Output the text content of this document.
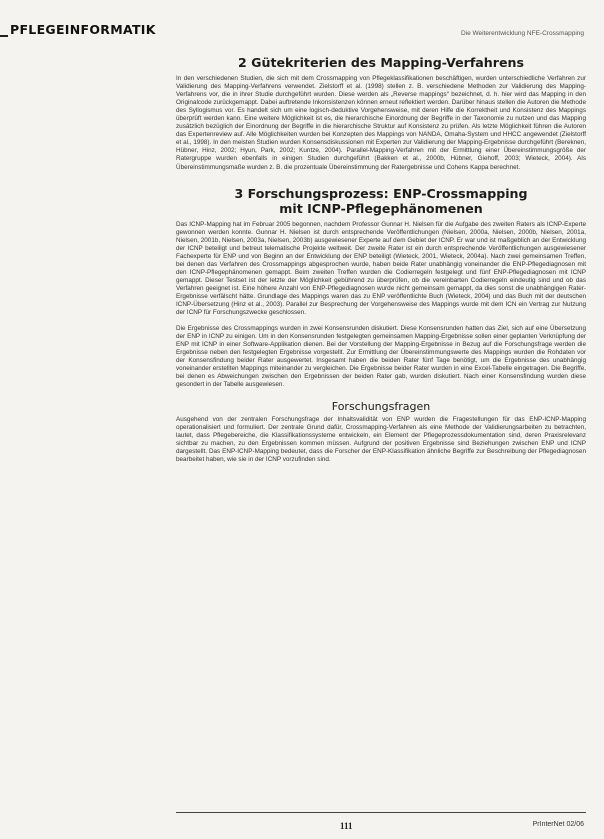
PFLEGEINFORMATIK	Die Weiterentwicklung NFE-Crossmapping
2 Gütekriterien des Mapping-Verfahrens

In den verschiedenen Studien, die sich mit dem Crossmapping von Pflegeklassifikationen beschäftigen, wurden unterschiedliche Verfahren zur Validierung des Mapping-Verfahrens verwendet. Zielstorff et al. (1998) stellen z. B. verschiedene Methoden zur Validierung des Mapping-Verfahrens vor, die in ihrer Studie durchgeführt wurden. Diese werden als „Reverse mappings“ bezeichnet, d. h. hier wird das Mapping in den Originalcode zurückgemappt. Dabei auftretende Inkonsistenzen können erneut reflektiert werden. Darüber hinaus stellen die Autoren die Methode des Syllogismus vor. Es handelt sich um eine logisch-deduktive Vorgehensweise, mit deren Hilfe die Korrektheit und Konsistenz des Mappings überprüft werden kann. Eine weitere Möglichkeit ist es, die hierarchische Einordnung der Begriffe in der Taxonomie zu nutzen und das Mapping zusätzlich bezüglich der Einordnung der Begriffe in die hierarchische Struktur auf Konsistenz zu prüfen. Als letzte Möglichkeit führen die Autoren das Expertenreview auf. Alle Möglichkeiten wurden bei Konzepten des Mappings von NANDA, Omaha-System und HHCC angewendet (Zielstorff et al., 1998). In den meisten Studien wurden Konsensdiskussionen mit Experten zur Validierung der Mapping-Ergebnisse durchgeführt (Bereknen, Hübner, Hinz, 2002; Hyun, Park, 2002; Kuntze, 2004). Parallel-Mapping-Verfahren mit der Ermittlung einer Übereinstimmungsgröße der Ratergruppe wurden ebenfalls in einigen Studien durchgeführt (Bakken et al., 2000b, Hübner, Giehoff, 2003; Wieteck, 2004). Als Übereinstimmungsmaße wurden z. B. die prozentuale Übereinstimmung der Ratergebnisse und Cohens Kappa berechnet.

3 Forschungsprozess: ENP-Crossmapping
mit ICNP-Pflegephänomenen

Das ICNP-Mapping hat im Februar 2005 begonnen, nachdem Professor Gunnar H. Nielsen für die Aufgabe des zweiten Raters als ICNP-Experte gewonnen werden konnte. Gunnar H. Nielsen ist durch entsprechende Veröffentlichungen (Nielsen, 2000a, Nielsen, 2000b, Nielsen, 2001a, Nielsen, 2001b, Nielsen, 2003a, Nielsen, 2003b) ausgewiesener Experte auf dem Gebiet der ICNP. Er war und ist maßgeblich an der Entwicklung der ICNP beteiligt und betreut telematische Projekte weltweit. Der zweite Rater ist ein durch entsprechende Veröffentlichungen ausgewiesener Fachexperte für ENP und von Beginn an der Entwicklung der ENP beteiligt (Wieteck, 2001, Wieteck, 2004a). Nach zwei gemeinsamen Treffen, bei denen das Verfahren des Crossmappings abgesprochen wurde, haben beide Rater unabhängig voneinander die ENP-Pflegediagnosen mit den ICNP-Pflegephänomenen gemappt. Beim zweiten Treffen wurden die Codierregeln festgelegt und fünf ENP-Pflegediagnosen mit ICNP gemappt. Dieser Testset ist der letzte der Möglichkeit gebührend zu überprüfen, ob die vereinbarten Codierregeln eindeutig sind und ob das Verfahren geeignet ist. Eine höhere Anzahl von ENP-Pflegediagnosen wurde nicht gemeinsam gemappt, da dies sonst die unabhängigen Rater-Ergebnisse verfälscht hätte. Grundlage des Mappings waren das zu ENP veröffentlichte Buch (Wieteck, 2004) und das Buch mit der deutschen ICNP-Übersetzung (Hinz et al., 2003). Parallel zur Besprechung der Vorgehensweise des Mappings wurde mit dem ICN ein Vertrag zur Nutzung der ICNP für Forschungszwecke geschlossen.

Die Ergebnisse des Crossmappings wurden in zwei Konsensrunden diskutiert. Diese Konsensrunden hatten das Ziel, sich auf eine Übersetzung der ENP in ICNP zu einigen. Um in den Konsensrunden festgelegten gemeinsamen Mapping-Ergebnisse sollen einer geplanten Verknüpfung der ENP mit ICNP in einer Software-Applikation dienen. Bei der Vorstellung der Mapping-Ergebnisse in Bezug auf die Forschungsfrage werden die Ergebnisse neben den festgelegten Ergebnisse vorgestellt. Zur Ermittlung der Übereinstimmungswerte des Mappings wurden die Rohdaten vor der Konsensfindung beider Rater ausgewertet. Insgesamt haben die beiden Rater fünf Tage benötigt, um die Ergebnisse des unabhängig voneinander erstellten Mappings miteinander zu vergleichen. Die Ergebnisse beider Rater wurden in eine Excel-Tabelle eingetragen. Die Begriffe, bei denen es Abweichungen zwischen den Ergebnissen der beiden Rater gab, wurden diskutiert. Nach einer Konsensfindung wurden diese gesondert in der Tabelle ausgewiesen.

Forschungsfragen

Ausgehend von der zentralen Forschungsfrage der Inhaltsvalidität von ENP wurden die Fragestellungen für das ENP-ICNP-Mapping operationalisiert und formuliert. Der zentrale Grund dafür, Crossmapping-Verfahren als eine Methode der Validierungsarbeiten zu betrachten, lautet, dass Pflegebereiche, die Klassifikationssysteme entwickeln, ein Element der Pflegeprozessdokumentation sind, deren Praxisrelevanz sichtbar zu machen, zu den Ergebnissen kommen müssen. Aufgrund der positiven Ergebnisse sind Beziehungen zwischen ENP und ICNP dargestellt. Das ENP-ICNP-Mapping bedeutet, dass die Forscher der ENP-Klassifikation ähnliche Begriffe zur Beschreibung der Pflegediagnosen bearbeitet haben, wie sie in der ICNP vorzufinden sind.

111	PrInterNet 02/06
